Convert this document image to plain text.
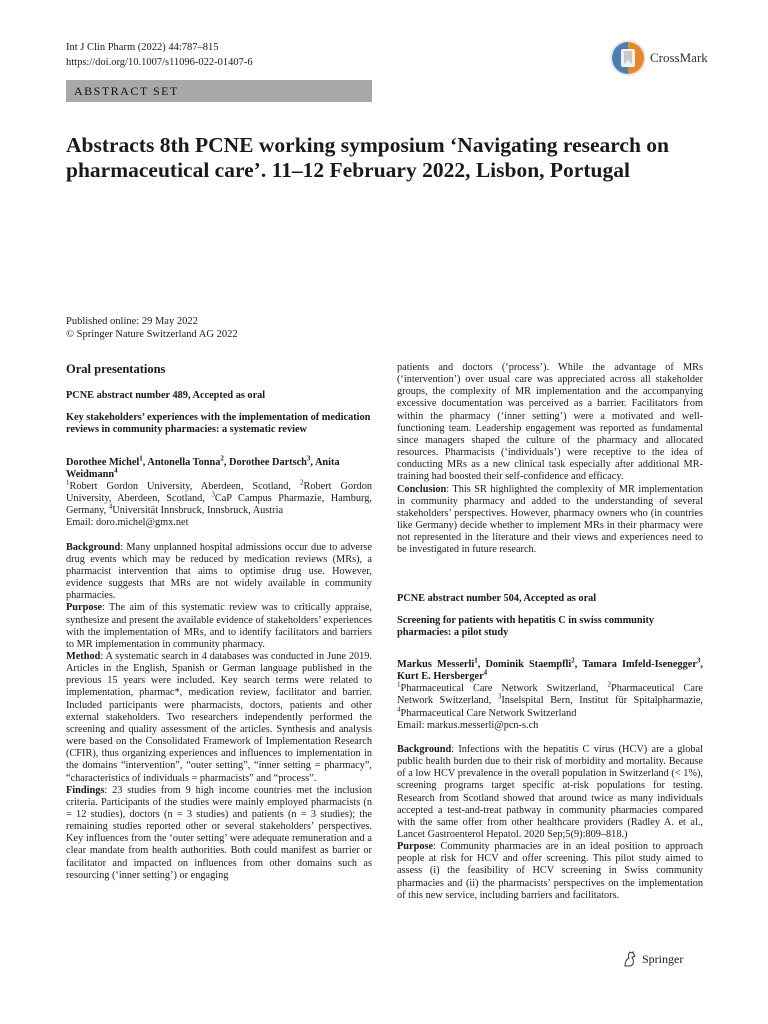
Int J Clin Pharm (2022) 44:787–815
https://doi.org/10.1007/s11096-022-01407-6	CrossMark
ABSTRACT SET
Abstracts 8th PCNE working symposium ‘Navigating research on pharmaceutical care’. 11–12 February 2022, Lisbon, Portugal
Published online: 29 May 2022
© Springer Nature Switzerland AG 2022
Oral presentations
PCNE abstract number 489, Accepted as oral
Key stakeholders’ experiences with the implementation of medication reviews in community pharmacies: a systematic review

Dorothee Michel$^1$, Antonella Tonna$^2$, Dorothee Dartsch$^3$, Anita Weidmann$^4$

$^1$Robert Gordon University, Aberdeen, Scotland, $^2$Robert Gordon University, Aberdeen, Scotland, $^3$CaP Campus Pharmazie, Hamburg, Germany, $^4$Universität Innsbruck, Innsbruck, Austria

Email: doro.michel@gmx.net

Background: Many unplanned hospital admissions occur due to adverse drug events which may be reduced by medication reviews (MRs), a pharmacist intervention that aims to optimise drug use. However, evidence suggests that MRs are not widely available in community pharmacies.

Purpose: The aim of this systematic review was to critically appraise, synthesize and present the available evidence of stakeholders’ experiences with the implementation of MRs, and to identify facilitators and barriers to MR implementation in community pharmacy.

Method: A systematic search in 4 databases was conducted in June 2019. Articles in the English, Spanish or German language published in the previous 15 years were included. Key search terms were related to implementation, pharmac*, medication review, facilitator and barrier. Included participants were pharmacists, doctors, patients and other external stakeholders. Two researchers independently performed the screening and quality assessment of the articles. Synthesis and analysis were based on the Consolidated Framework of Implementation Research (CFIR), thus organizing experiences and influences to implementation in the domains “intervention”, “outer setting”, “inner setting = pharmacy”, “characteristics of individuals = pharmacists” and “process”.

Findings: 23 studies from 9 high income countries met the inclusion criteria. Participants of the studies were mainly employed pharmacists (n = 12 studies), doctors (n = 3 studies) and patients (n = 3 studies); the remaining studies reported other or several stakeholders’ perspectives. Key influences from the ‘outer setting’ were adequate remuneration and a clear mandate from health authorities. Both could manifest as barrier or facilitator and impacted on influences from other domains such as resourcing (‘inner setting’) or engaging

patients and doctors (‘process’). While the advantage of MRs (‘intervention’) over usual care was appreciated across all stakeholder groups, the complexity of MR implementation and the accompanying excessive documentation was perceived as a barrier. Facilitators from within the pharmacy (‘inner setting’) were a motivated and well-functioning team. Leadership engagement was reported as fundamental since managers shaped the culture of the pharmacy and allocated resources. Pharmacists (‘individuals’) were receptive to the idea of conducting MRs as a new clinical task especially after additional MR-training had boosted their self-confidence and efficacy.

Conclusion: This SR highlighted the complexity of MR implementation in community pharmacy and added to the understanding of several stakeholders’ perspectives. However, pharmacy owners who (in countries like Germany) decide whether to implement MRs in their pharmacy were not represented in the literature and their views and experiences need to be investigated in future research.

PCNE abstract number 504, Accepted as oral
Screening for patients with hepatitis C in swiss community pharmacies: a pilot study

Markus Messerli$^1$, Dominik Staempfli$^2$, Tamara Imfeld-Isenegger$^3$, Kurt E. Hersberger$^4$

$^1$Pharmaceutical Care Network Switzerland, $^2$Pharmaceutical Care Network Switzerland, $^3$Inselspital Bern, Institut für Spitalpharmazie, $^4$Pharmaceutical Care Network Switzerland

Email: markus.messerli@pcn-s.ch

Background: Infections with the hepatitis C virus (HCV) are a global public health burden due to their risk of morbidity and mortality. Because of a low HCV prevalence in the overall population in Switzerland (< 1%), screening programs target specific at-risk populations for testing. Research from Scotland showed that around twice as many individuals accepted a test-and-treat pathway in community pharmacies compared with the same offer from other healthcare providers (Radley A. et al., Lancet Gastroenterol Hepatol. 2020 Sep;5(9):809–818.)

Purpose: Community pharmacies are in an ideal position to approach people at risk for HCV and offer screening. This pilot study aimed to assess (i) the feasibility of HCV screening in Swiss community pharmacies and (ii) the pharmacists’ perspectives on the implementation of this new service, including barriers and facilitators.

Springer
